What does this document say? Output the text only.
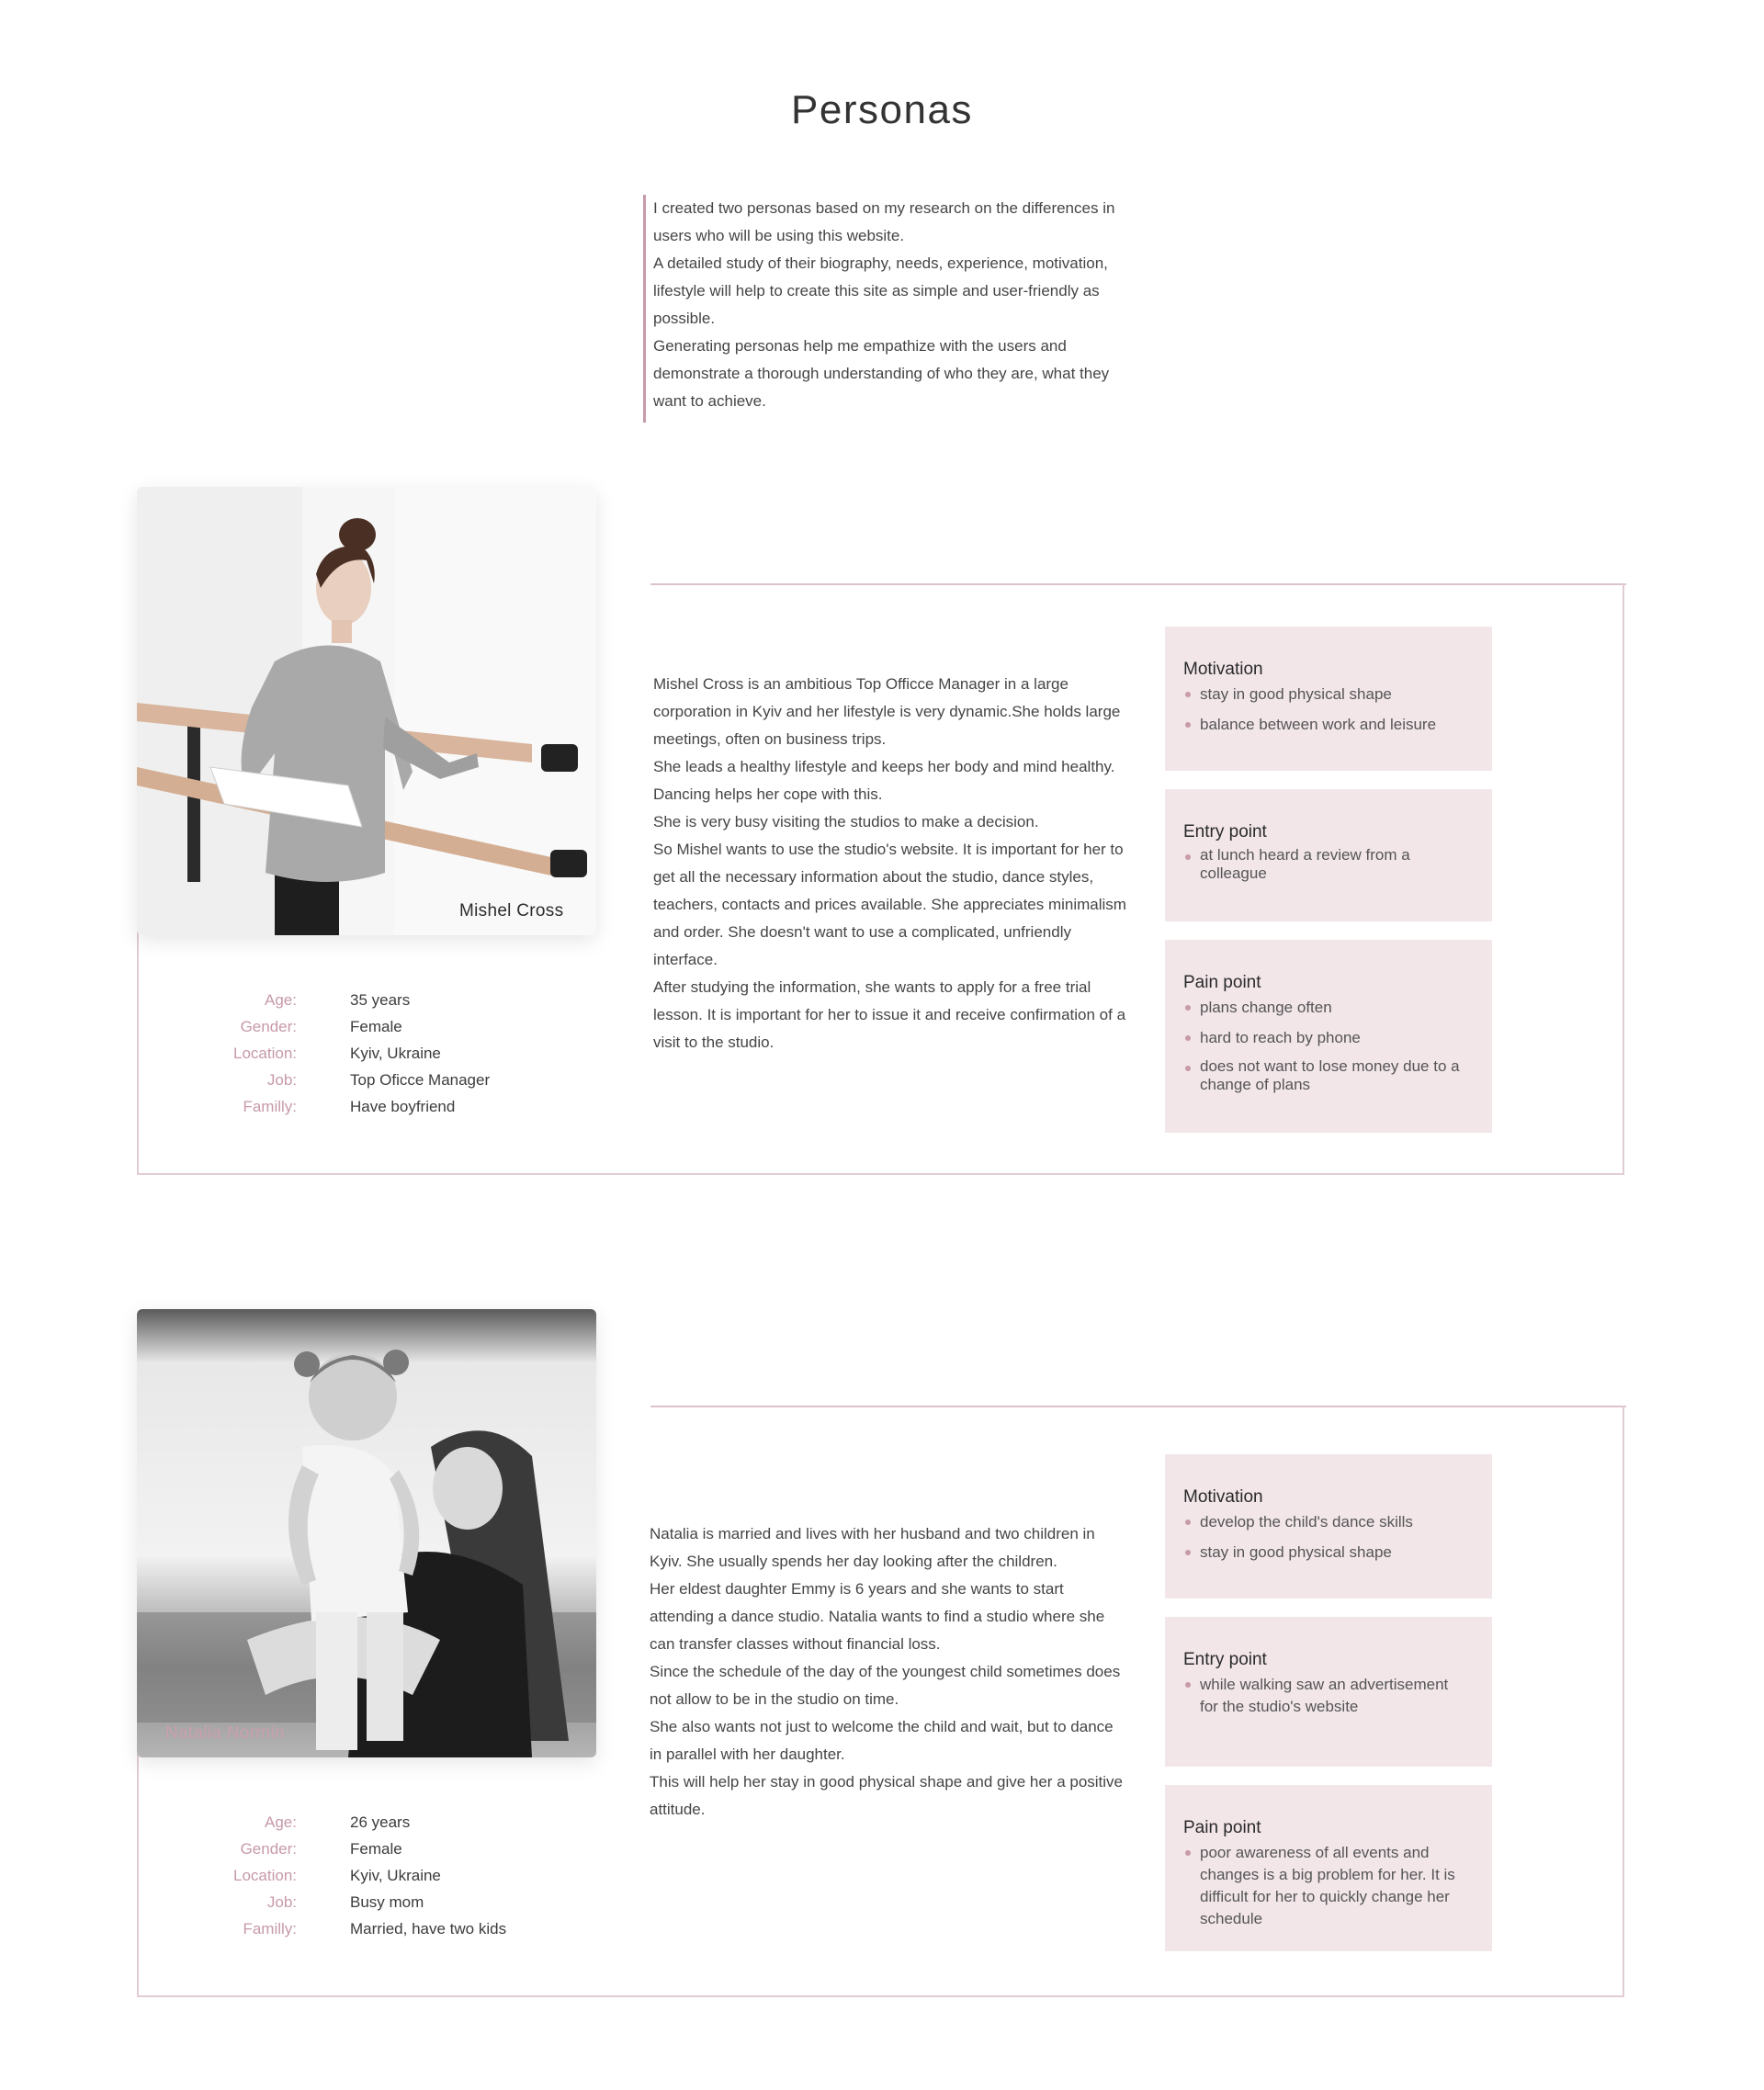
Personas

I created two personas based on my research on the differences in users who will be using this website.

A detailed study of their biography, needs, experience, motivation, lifestyle will help to create this site as simple and user-friendly as possible.

Generating personas help me empathize with the users and demonstrate a thorough understanding of who they are, what they want to achieve.

Mishel Cross
Age:	35 years
Gender:	Female
Location:	Kyiv, Ukraine
Job:	Top Oficce Manager
Familly:	Have boyfriend

Mishel Cross is an ambitious Top Officce Manager in a large corporation in Kyiv and her lifestyle is very dynamic.She holds large meetings, often on business trips.

She leads a healthy lifestyle and keeps her body and mind healthy. Dancing helps her cope with this.

She is very busy visiting the studios to make a decision.

So Mishel wants to use the studio's website. It is important for her to get all the necessary information about the studio, dance styles, teachers, contacts and prices available. She appreciates minimalism and order. She doesn't want to use a complicated, unfriendly interface.

After studying the information, she wants to apply for a free trial lesson. It is important for her to issue it and receive confirmation of a visit to the studio.

Motivation
stay in good physical shape
balance between work and leisure
Entry point
at lunch heard a review from a colleague
Pain point
plans change often
hard to reach by phone
does not want to lose money due to a change of plans
Natalia Normin
Age:	26 years
Gender:	Female
Location:	Kyiv, Ukraine
Job:	Busy mom
Familly:	Married, have two kids

Natalia is married and lives with her husband and two children in Kyiv. She usually spends her day looking after the children.

Her eldest daughter Emmy is 6 years and she wants to start attending a dance studio. Natalia wants to find a studio where she can transfer classes without financial loss.

Since the schedule of the day of the youngest child sometimes does not allow to be in the studio on time.

She also wants not just to welcome the child and wait, but to dance in parallel with her daughter.

This will help her stay in good physical shape and give her a positive attitude.

Motivation
develop the child's dance skills
stay in good physical shape
Entry point
while walking saw an advertisement for the studio's website
Pain point
poor awareness of all events and changes is a big problem for her. It is difficult for her to quickly change her schedule
